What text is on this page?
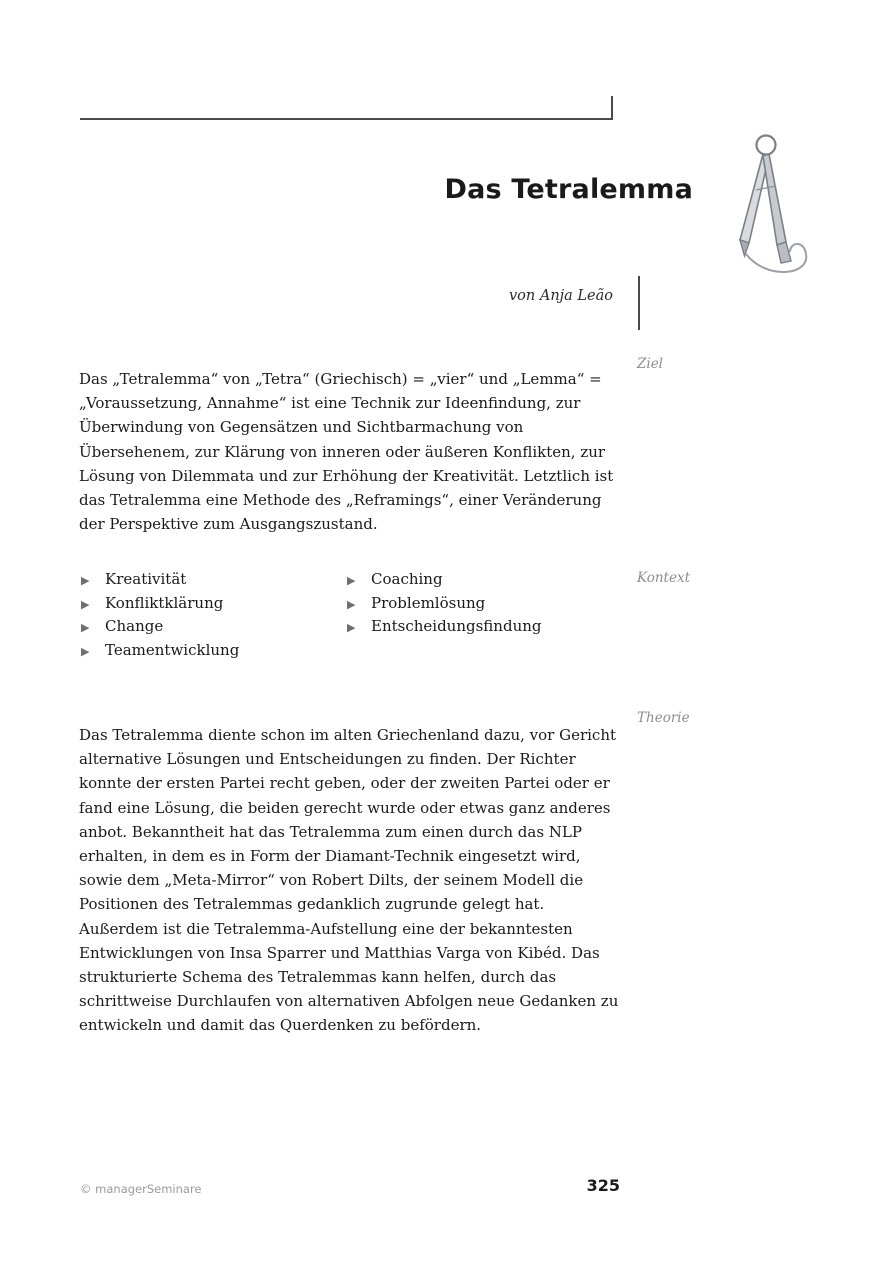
Das Tetralemma
von Anja Leão

Das „Tetralemma“ von „Tetra“ (Griechisch) = „vier“ und „Lemma“ = „Voraussetzung, Annahme“ ist eine Technik zur Ideenfindung, zur Überwindung von Gegensätzen und Sichtbarmachung von Übersehenem, zur Klärung von inneren oder äußeren Konflikten, zur Lösung von Dilemmata und zur Erhöhung der Kreativität. Letztlich ist das Tetralemma eine Methode des „Reframings“, einer Veränderung der Perspektive zum Ausgangszustand.

Ziel
Kontext
Theorie
▶	Kreativität
▶	Konfliktklärung
▶	Change
▶	Teamentwicklung
▶	Coaching
▶	Problemlösung
▶	Entscheidungsfindung

Das Tetralemma diente schon im alten Griechenland dazu, vor Gericht alternative Lösungen und Entscheidungen zu finden. Der Richter konnte der ersten Partei recht geben, oder der zweiten Partei oder er fand eine Lösung, die beiden gerecht wurde oder etwas ganz anderes anbot. Bekanntheit hat das Tetralemma zum einen durch das NLP erhalten, in dem es in Form der Diamant-Technik eingesetzt wird, sowie dem „Meta-Mirror“ von Robert Dilts, der seinem Modell die Positionen des Tetralemmas gedanklich zugrunde gelegt hat. Außerdem ist die Tetralemma-Aufstellung eine der bekanntesten Entwicklungen von Insa Sparrer und Matthias Varga von Kibéd. Das strukturierte Schema des Tetralemmas kann helfen, durch das schrittweise Durchlaufen von alternativen Abfolgen neue Gedanken zu entwickeln und damit das Querdenken zu befördern.

© managerSeminare	325
